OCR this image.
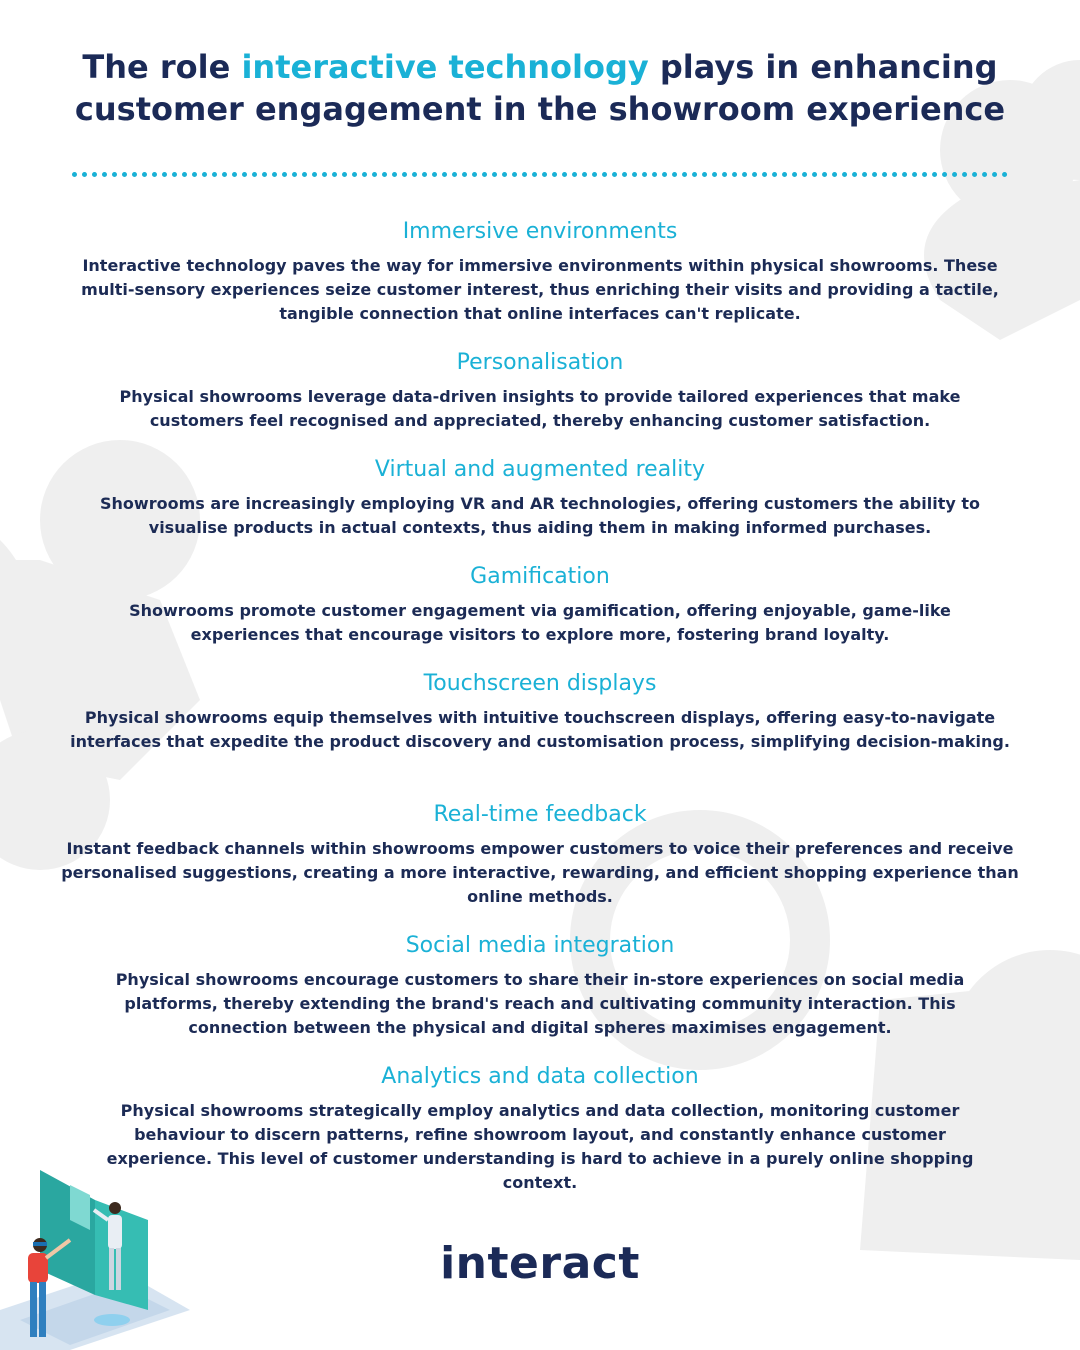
The role interactive technology plays in enhancing customer engagement in the showroom experience
Immersive environments

Interactive technology paves the way for immersive environments within physical showrooms. These multi-sensory experiences seize customer interest, thus enriching their visits and providing a tactile, tangible connection that online interfaces can't replicate.

Personalisation

Physical showrooms leverage data-driven insights to provide tailored experiences that make customers feel recognised and appreciated, thereby enhancing customer satisfaction.

Virtual and augmented reality

Showrooms are increasingly employing VR and AR technologies, offering customers the ability to visualise products in actual contexts, thus aiding them in making informed purchases.

Gamification

Showrooms promote customer engagement via gamification, offering enjoyable, game-like experiences that encourage visitors to explore more, fostering brand loyalty.

Touchscreen displays

Physical showrooms equip themselves with intuitive touchscreen displays, offering easy-to-navigate interfaces that expedite the product discovery and customisation process, simplifying decision-making.

Real-time feedback

Instant feedback channels within showrooms empower customers to voice their preferences and receive personalised suggestions, creating a more interactive, rewarding, and efficient shopping experience than online methods.

Social media integration

Physical showrooms encourage customers to share their in-store experiences on social media platforms, thereby extending the brand's reach and cultivating community interaction. This connection between the physical and digital spheres maximises engagement.

Analytics and data collection

Physical showrooms strategically employ analytics and data collection, monitoring customer behaviour to discern patterns, refine showroom layout, and constantly enhance customer experience. This level of customer understanding is hard to achieve in a purely online shopping context.

interact
